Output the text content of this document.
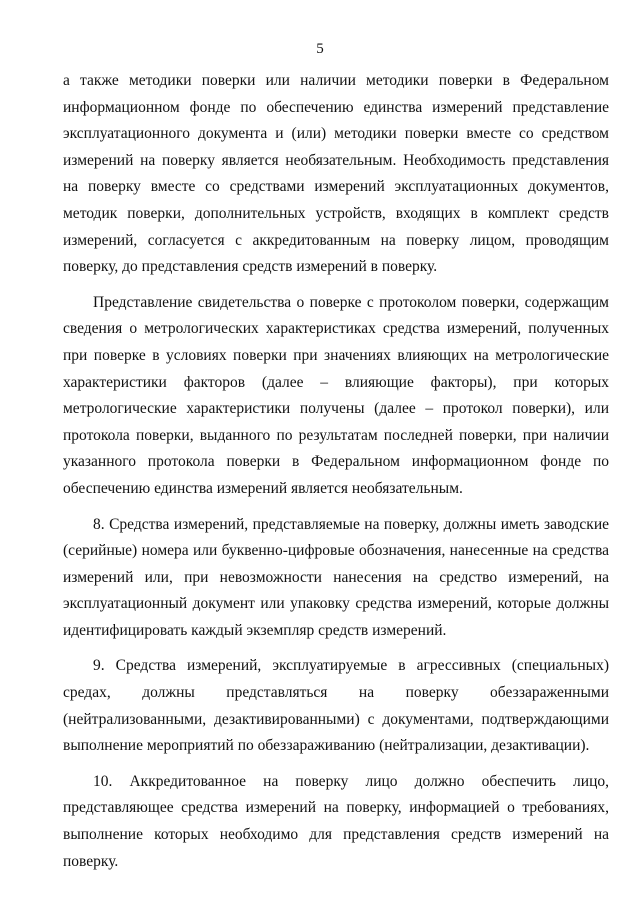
5

а также методики поверки или наличии методики поверки в Федеральном информационном фонде по обеспечению единства измерений представление эксплуатационного документа и (или) методики поверки вместе со средством измерений на поверку является необязательным. Необходимость представления на поверку вместе со средствами измерений эксплуатационных документов, методик поверки, дополнительных устройств, входящих в комплект средств измерений, согласуется с аккредитованным на поверку лицом, проводящим поверку, до представления средств измерений в поверку.

Представление свидетельства о поверке с протоколом поверки, содержащим сведения о метрологических характеристиках средства измерений, полученных при поверке в условиях поверки при значениях влияющих на метрологические характеристики факторов (далее – влияющие факторы), при которых метрологические характеристики получены (далее – протокол поверки), или протокола поверки, выданного по результатам последней поверки, при наличии указанного протокола поверки в Федеральном информационном фонде по обеспечению единства измерений является необязательным.

8. Средства измерений, представляемые на поверку, должны иметь заводские (серийные) номера или буквенно-цифровые обозначения, нанесенные на средства измерений или, при невозможности нанесения на средство измерений, на эксплуатационный документ или упаковку средства измерений, которые должны идентифицировать каждый экземпляр средств измерений.

9. Средства измерений, эксплуатируемые в агрессивных (специальных) средах, должны представляться на поверку обеззараженными (нейтрализованными, дезактивированными) с документами, подтверждающими выполнение мероприятий по обеззараживанию (нейтрализации, дезактивации).

10. Аккредитованное на поверку лицо должно обеспечить лицо, представляющее средства измерений на поверку, информацией о требованиях, выполнение которых необходимо для представления средств измерений на поверку.
